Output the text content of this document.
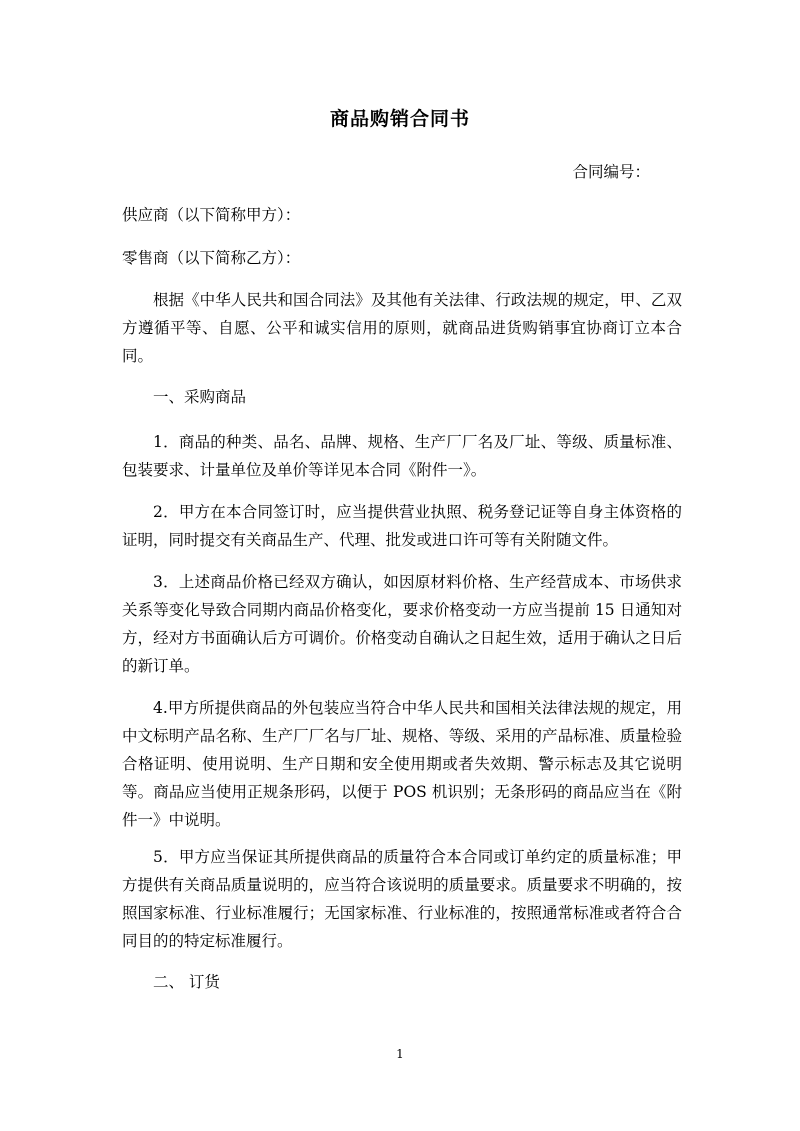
商品购销合同书
合同编号：
供应商（以下简称甲方）：
零售商（以下简称乙方）：
根据《中华人民共和国合同法》及其他有关法律、行政法规的规定，甲、乙双方遵循平等、自愿、公平和诚实信用的原则，就商品进货购销事宜协商订立本合同。
一、采购商品
1．商品的种类、品名、品牌、规格、生产厂厂名及厂址、等级、质量标准、包装要求、计量单位及单价等详见本合同《附件一》。
2．甲方在本合同签订时，应当提供营业执照、税务登记证等自身主体资格的证明，同时提交有关商品生产、代理、批发或进口许可等有关附随文件。
3．上述商品价格已经双方确认，如因原材料价格、生产经营成本、市场供求关系等变化导致合同期内商品价格变化，要求价格变动一方应当提前 15 日通知对方，经对方书面确认后方可调价。价格变动自确认之日起生效，适用于确认之日后的新订单。
4.甲方所提供商品的外包装应当符合中华人民共和国相关法律法规的规定，用中文标明产品名称、生产厂厂名与厂址、规格、等级、采用的产品标准、质量检验合格证明、使用说明、生产日期和安全使用期或者失效期、警示标志及其它说明等。商品应当使用正规条形码，以便于 POS 机识别；无条形码的商品应当在《附件一》中说明。
5．甲方应当保证其所提供商品的质量符合本合同或订单约定的质量标准；甲方提供有关商品质量说明的，应当符合该说明的质量要求。质量要求不明确的，按照国家标准、行业标准履行；无国家标准、行业标准的，按照通常标准或者符合合同目的的特定标准履行。
二、 订货
1
